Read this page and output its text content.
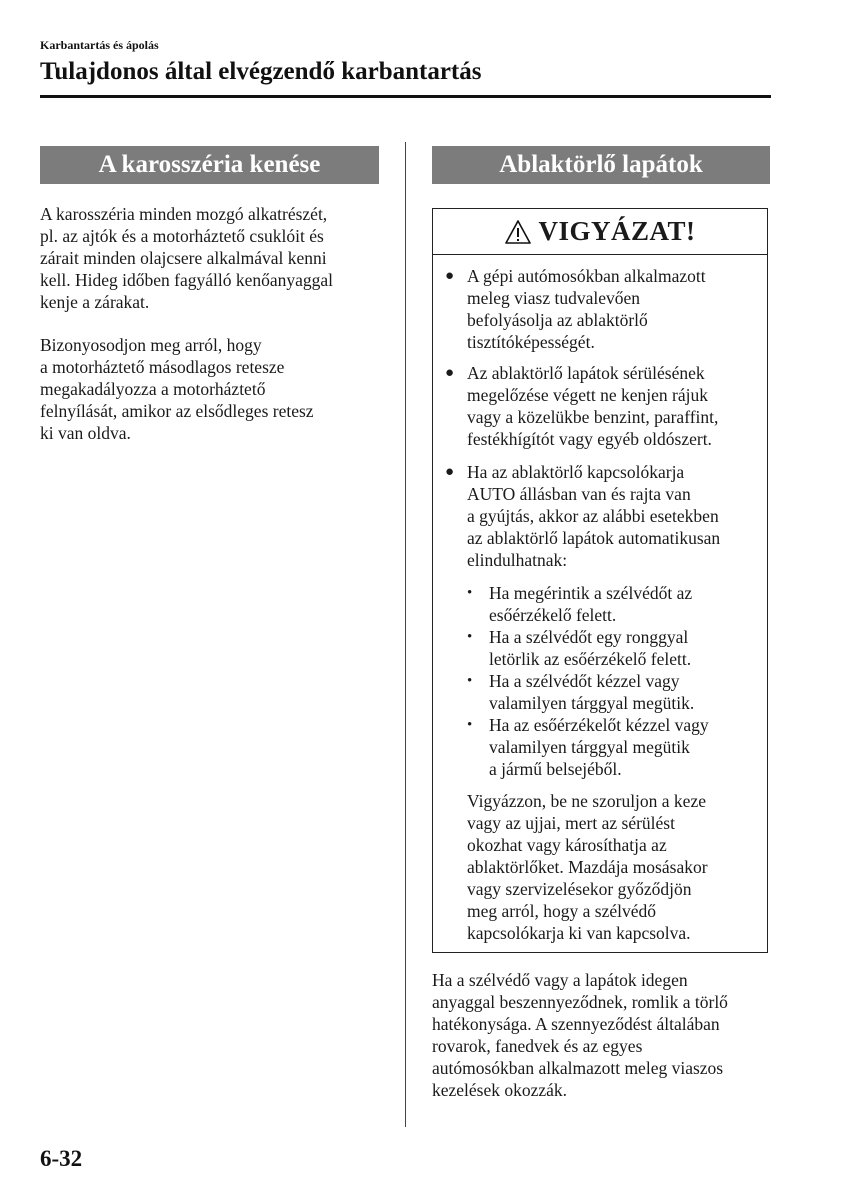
Karbantartás és ápolás
Tulajdonos által elvégzendő karbantartás
A karosszéria kenése

A karosszéria minden mozgó alkatrészét,
pl. az ajtók és a motorháztető csuklóit és
zárait minden olajcsere alkalmával kenni
kell. Hideg időben fagyálló kenőanyaggal
kenje a zárakat.

Bizonyosodjon meg arról, hogy
a motorháztető másodlagos retesze
megakadályozza a motorháztető
felnyílását, amikor az elsődleges retesz
ki van oldva.

Ablaktörlő lapátok
VIGYÁZAT!
● A gépi autómosókban alkalmazott
meleg viasz tudvalevően
befolyásolja az ablaktörlő
tisztítóképességét.

● Az ablaktörlő lapátok sérülésének
megelőzése végett ne kenjen rájuk
vagy a közelükbe benzint, paraffint,
festékhígítót vagy egyéb oldószert.

● Ha az ablaktörlő kapcsolókarja
AUTO állásban van és rajta van
a gyújtás, akkor az alábbi esetekben
az ablaktörlő lapátok automatikusan
elindulhatnak:

• Ha megérintik a szélvédőt az
esőérzékelő felett.

• Ha a szélvédőt egy ronggyal
letörlik az esőérzékelő felett.

• Ha a szélvédőt kézzel vagy
valamilyen tárggyal megütik.

• Ha az esőérzékelőt kézzel vagy
valamilyen tárggyal megütik
a jármű belsejéből.

Vigyázzon, be ne szoruljon a keze
vagy az ujjai, mert az sérülést
okozhat vagy károsíthatja az
ablaktörlőket. Mazdája mosásakor
vagy szervizelésekor győződjön
meg arról, hogy a szélvédő
kapcsolókarja ki van kapcsolva.

Ha a szélvédő vagy a lapátok idegen
anyaggal beszennyeződnek, romlik a törlő
hatékonysága. A szennyeződést általában
rovarok, fanedvek és az egyes
autómosókban alkalmazott meleg viaszos
kezelések okozzák.

6-32
